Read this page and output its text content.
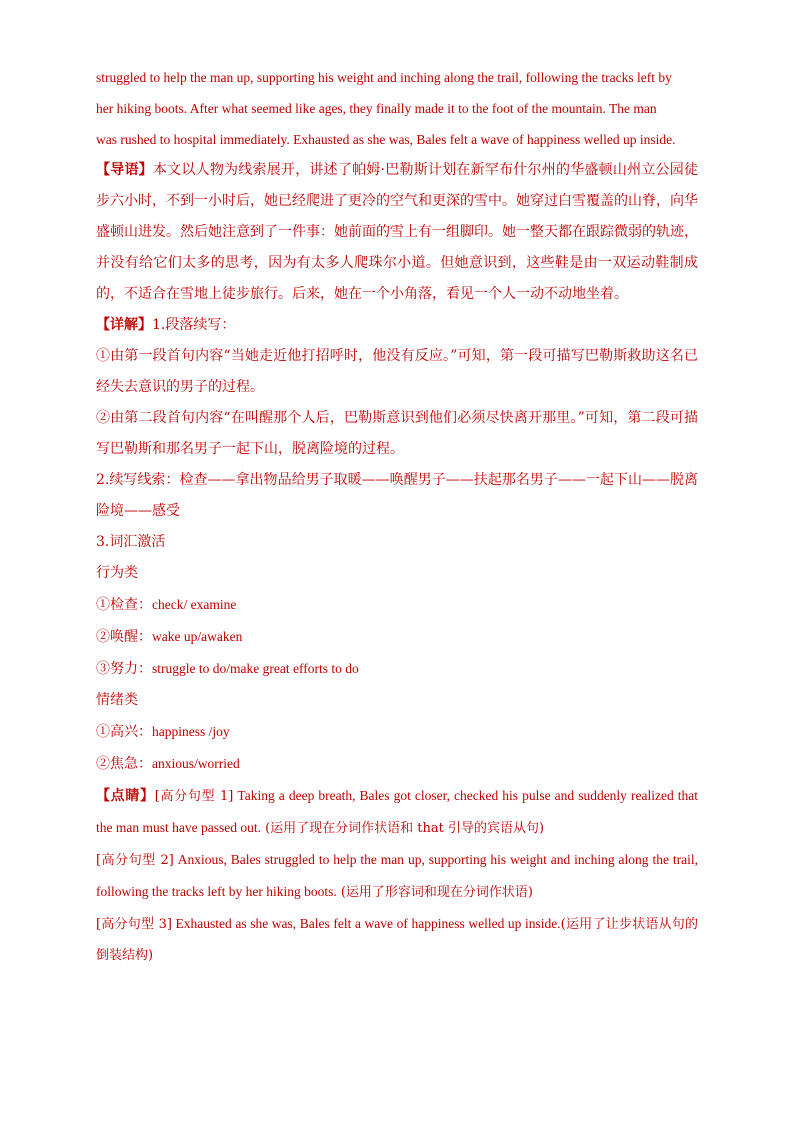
struggled to help the man up, supporting his weight and inching along the trail, following the tracks left by

her hiking boots. After what seemed like ages, they finally made it to the foot of the mountain. The man

was rushed to hospital immediately. Exhausted as she was, Bales felt a wave of happiness welled up inside.

【导语】本文以人物为线索展开，讲述了帕姆·巴勒斯计划在新罕布什尔州的华盛顿山州立公园徒步六小时，不到一小时后，她已经爬进了更冷的空气和更深的雪中。她穿过白雪覆盖的山脊，向华盛顿山进发。然后她注意到了一件事：她前面的雪上有一组脚印。她一整天都在跟踪微弱的轨迹，并没有给它们太多的思考，因为有太多人爬珠尔小道。但她意识到，这些鞋是由一双运动鞋制成的，不适合在雪地上徒步旅行。后来，她在一个小角落，看见一个人一动不动地坐着。

【详解】1.段落续写：

①由第一段首句内容“当她走近他打招呼时，他没有反应。”可知，第一段可描写巴勒斯救助这名已经失去意识的男子的过程。

②由第二段首句内容“在叫醒那个人后，巴勒斯意识到他们必须尽快离开那里。”可知，第二段可描写巴勒斯和那名男子一起下山，脱离险境的过程。

2.续写线索：检查——拿出物品给男子取暖——唤醒男子——扶起那名男子——一起下山——脱离险境——感受

3.词汇激活

行为类

①检查：check/ examine

②唤醒：wake up/awaken

③努力：struggle to do/make great efforts to do

情绪类

①高兴：happiness /joy

②焦急：anxious/worried

【点睛】[高分句型 1] Taking a deep breath, Bales got closer, checked his pulse and suddenly realized that the man must have passed out. (运用了现在分词作状语和 that 引导的宾语从句)

[高分句型 2] Anxious, Bales struggled to help the man up, supporting his weight and inching along the trail, following the tracks left by her hiking boots. (运用了形容词和现在分词作状语)

[高分句型 3] Exhausted as she was, Bales felt a wave of happiness welled up inside.(运用了让步状语从句的倒装结构)
